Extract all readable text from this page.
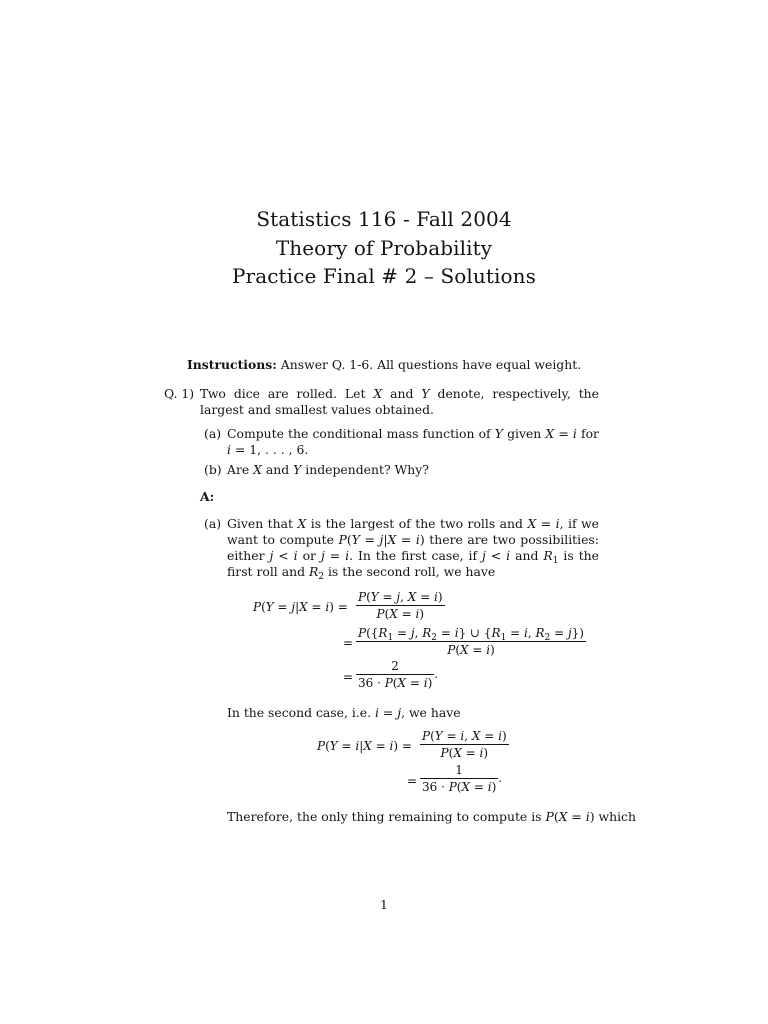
Statistics 116 - Fall 2004
Theory of Probability
Practice Final # 2 – Solutions
Instructions: Answer Q. 1-6. All questions have equal weight.
Q. 1) Two dice are rolled. Let X and Y denote, respectively, the largest and smallest values obtained.
(a) Compute the conditional mass function of Y given X = i for i = 1, . . . , 6.
(b) Are X and Y independent? Why?
A:
(a) Given that X is the largest of the two rolls and X = i, if we want to compute P(Y = j|X = i) there are two possibilities: either j < i or j = i. In the first case, if j < i and $R_1$ is the first roll and $R_2$ is the second roll, we have
$P(Y = j|X = i) = \frac{P(Y = j, X = i)}{P(X = i)}$
= $\frac{P(\{R_1 = j, R_2 = i\} \cup \{R_1 = i, R_2 = j\})}{P(X = i)}$
= $\frac{2}{36 \cdot P(X = i)}$ .
In the second case, i.e. i = j, we have
$P(Y = i|X = i) = \frac{P(Y = i, X = i)}{P(X = i)}$
= $\frac{1}{36 \cdot P(X = i)}$ .
Therefore, the only thing remaining to compute is P(X = i) which
1
